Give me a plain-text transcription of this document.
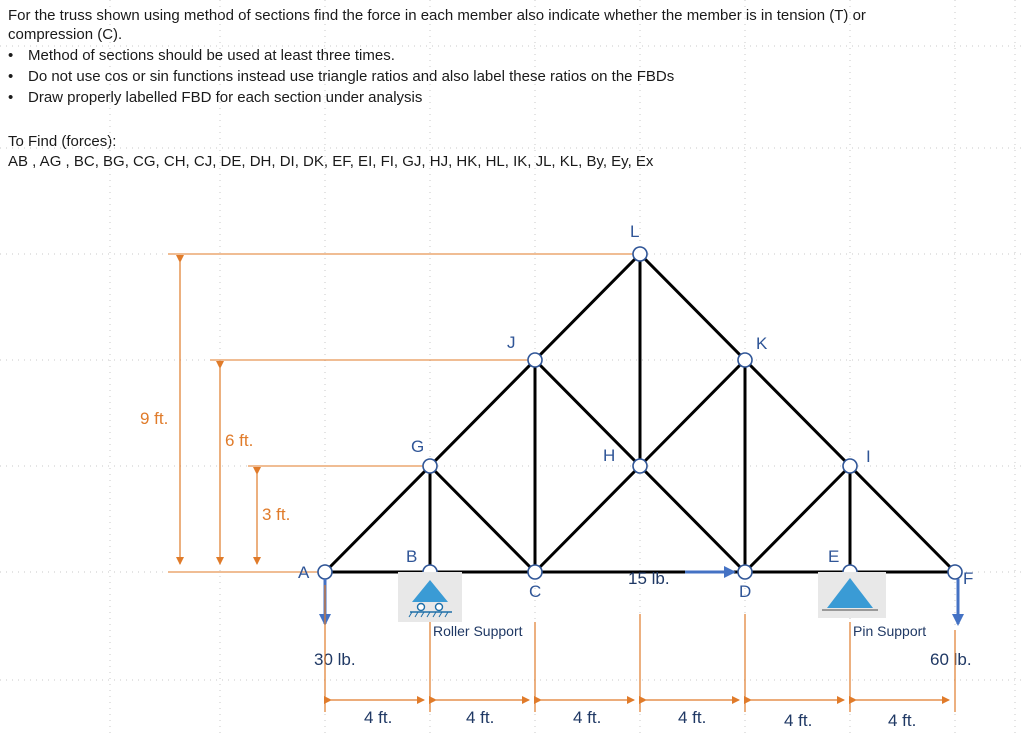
For the truss shown using method of sections find the force in each member also indicate whether the member is in tension (T) or
compression (C).
• Method of sections should be used at least three times.
• Do not use cos or sin functions instead use triangle ratios and also label these ratios on the FBDs
• Draw properly labelled FBD for each section under analysis
To Find (forces):
AB , AG , BC, BG, CG, CH, CJ, DE, DH, DI, DK, EF, EI, FI, GJ, HJ, HK, HL, IK, JL, KL, By, Ey, Ex
9 ft.
6 ft.
3 ft.
A
B
C	D
E
F
G	H	I
J	K
L
Roller Support	Pin Support
30 lb.
15 lb.
60 lb.
4 ft.	4 ft.	4 ft.	4 ft.	4 ft.	4 ft.
